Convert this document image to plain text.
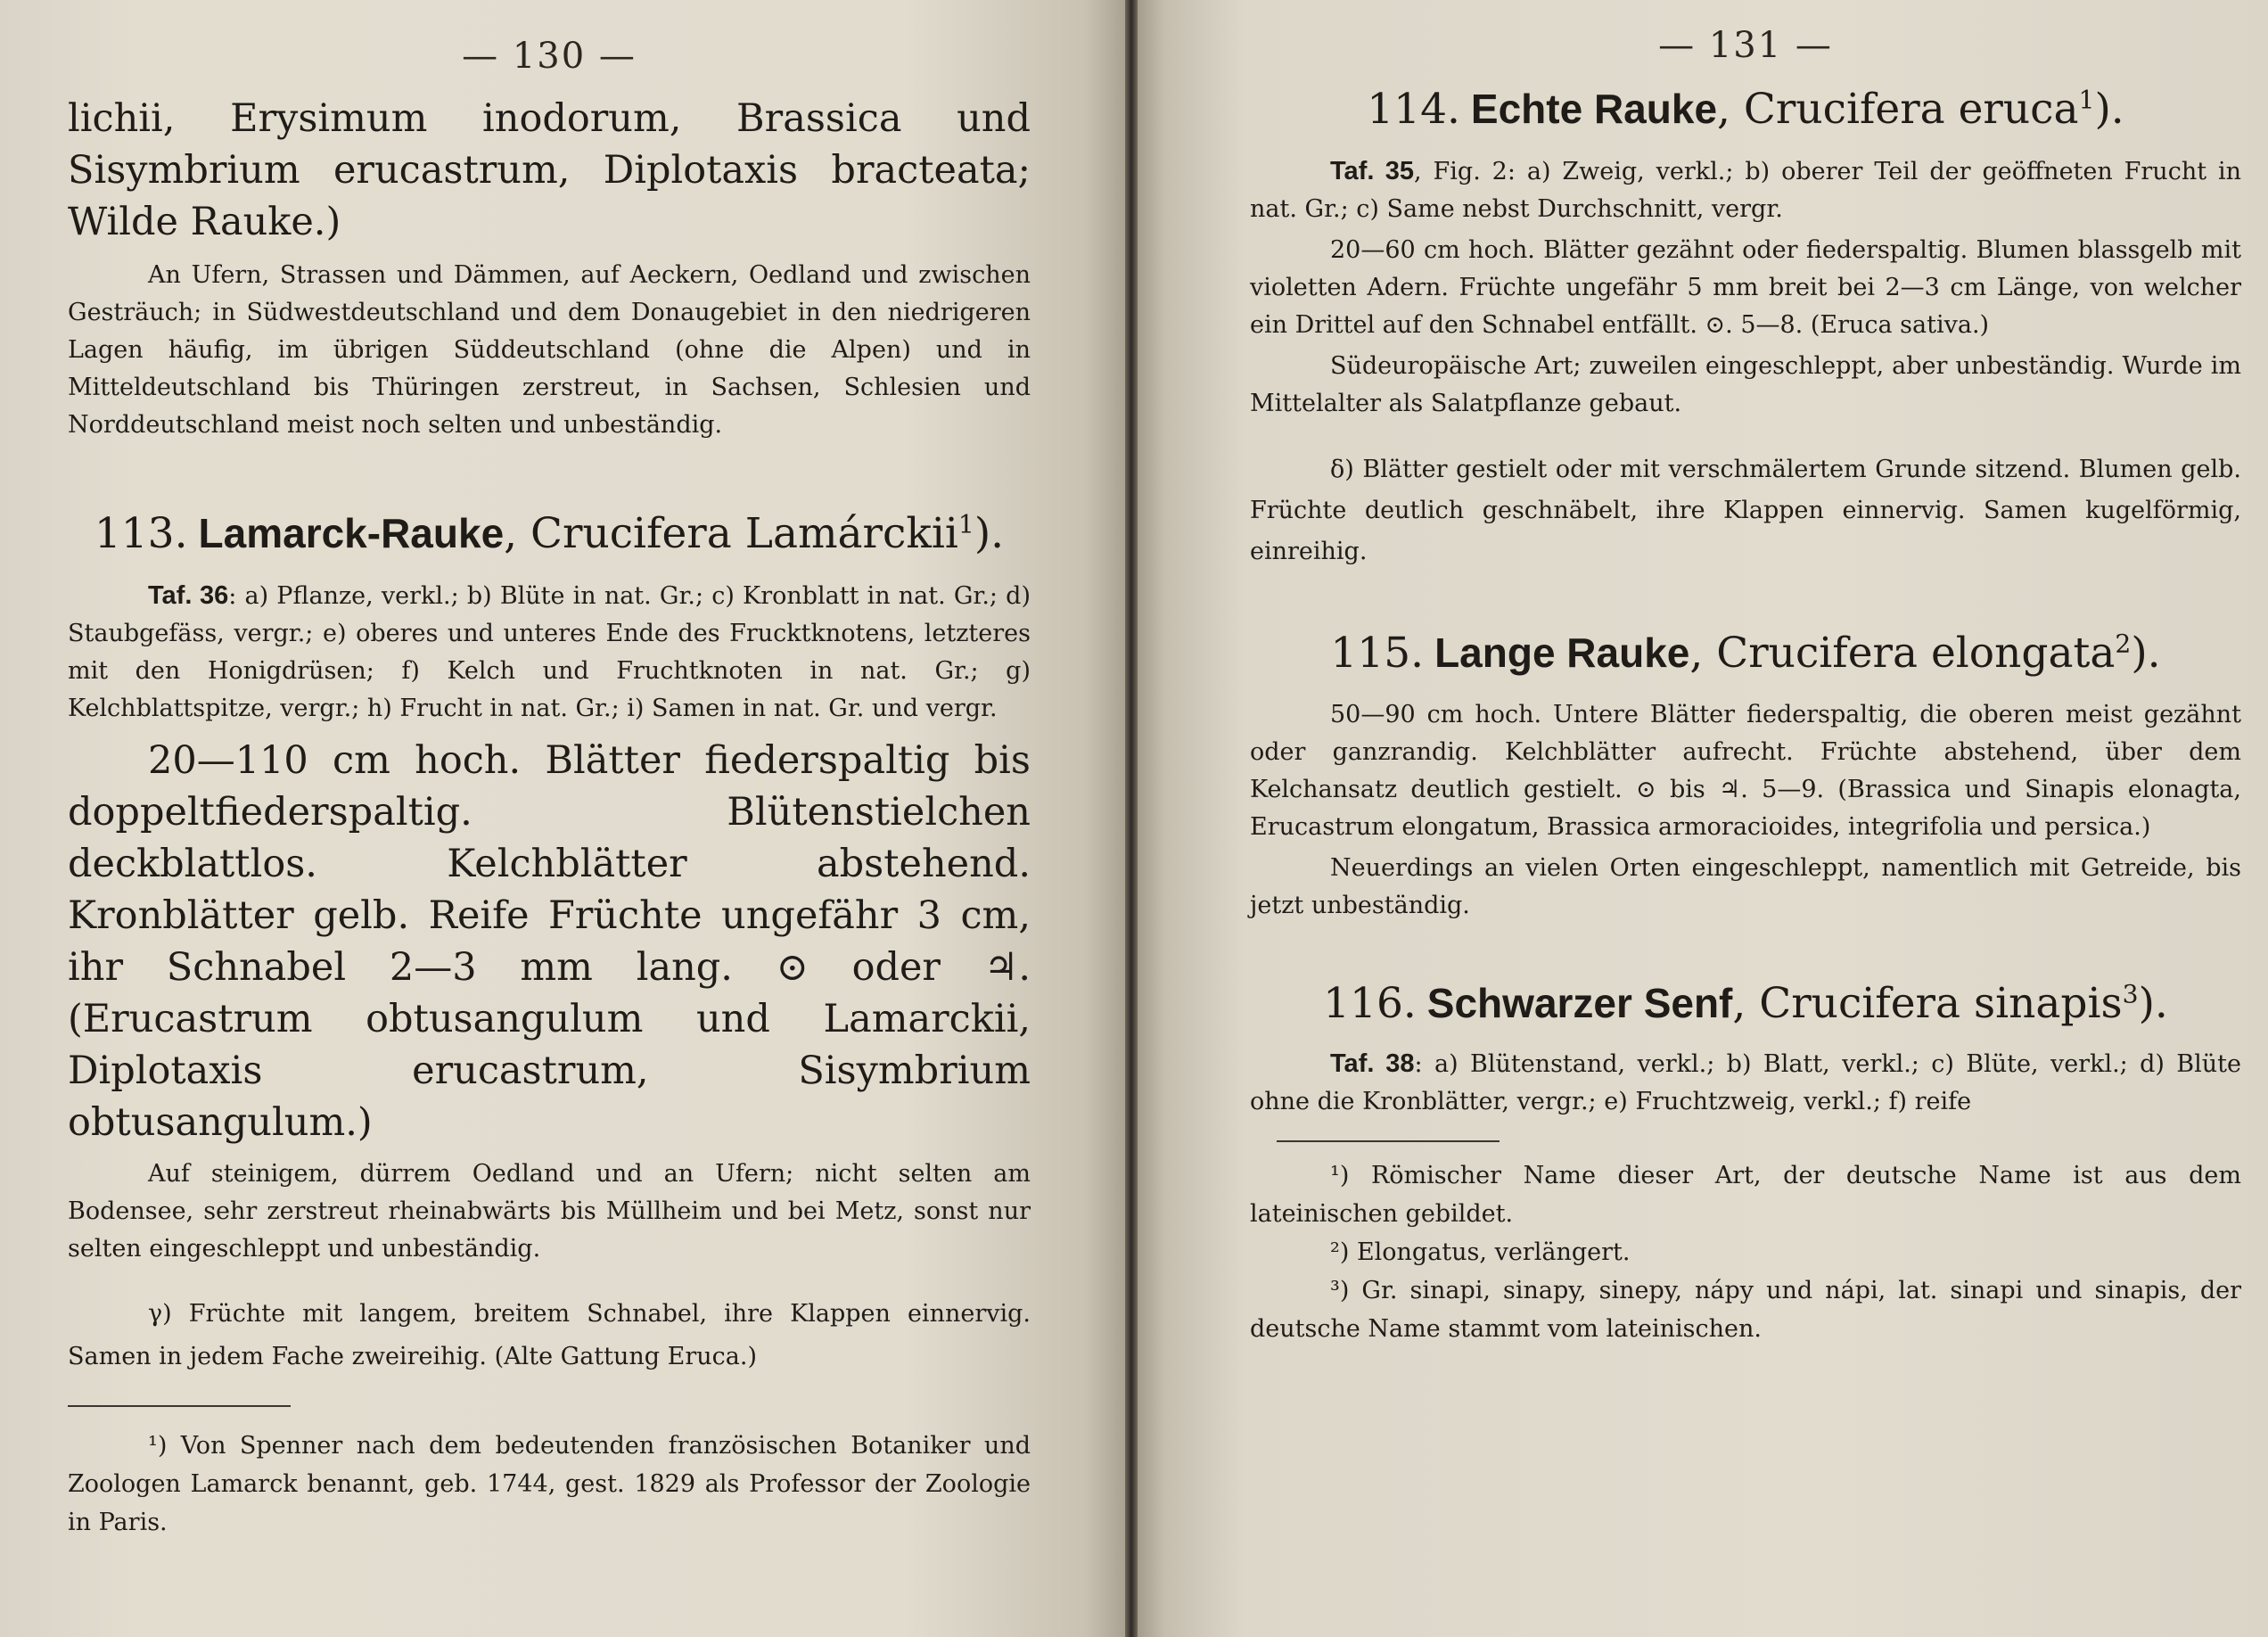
— 130 —

lichii, Erysimum inodorum, Brassica und Sisymbrium erucastrum, Diplotaxis bracteata; Wilde Rauke.)

An Ufern, Strassen und Dämmen, auf Aeckern, Oedland und zwischen Gesträuch; in Südwestdeutschland und dem Donaugebiet in den niedrigeren Lagen häufig, im übrigen Süddeutschland (ohne die Alpen) und in Mitteldeutschland bis Thüringen zerstreut, in Sachsen, Schlesien und Norddeutschland meist noch selten und unbeständig.

113. Lamarck-Rauke, Crucifera Lamárckii$^1$).

Taf. 36: a) Pflanze, verkl.; b) Blüte in nat. Gr.; c) Kronblatt in nat. Gr.; d) Staubgefäss, vergr.; e) oberes und unteres Ende des Frucktknotens, letzteres mit den Honigdrüsen; f) Kelch und Fruchtknoten in nat. Gr.; g) Kelchblattspitze, vergr.; h) Frucht in nat. Gr.; i) Samen in nat. Gr. und vergr.

20—110 cm hoch. Blätter fiederspaltig bis doppeltfiederspaltig. Blütenstielchen deckblattlos. Kelchblätter abstehend. Kronblätter gelb. Reife Früchte ungefähr 3 cm, ihr Schnabel 2—3 mm lang. ⊙ oder ♃. (Erucastrum obtusangulum und Lamarckii, Diplotaxis erucastrum, Sisymbrium obtusangulum.)

Auf steinigem, dürrem Oedland und an Ufern; nicht selten am Bodensee, sehr zerstreut rheinabwärts bis Müllheim und bei Metz, sonst nur selten eingeschleppt und unbeständig.

γ) Früchte mit langem, breitem Schnabel, ihre Klappen einnervig. Samen in jedem Fache zweireihig. (Alte Gattung Eruca.)

¹) Von Spenner nach dem bedeutenden französischen Botaniker und Zoologen Lamarck benannt, geb. 1744, gest. 1829 als Professor der Zoologie in Paris.

— 131 —

114. Echte Rauke, Crucifera eruca$^1$).

Taf. 35, Fig. 2: a) Zweig, verkl.; b) oberer Teil der geöffneten Frucht in nat. Gr.; c) Same nebst Durchschnitt, vergr.

20—60 cm hoch. Blätter gezähnt oder fiederspaltig. Blumen blassgelb mit violetten Adern. Früchte ungefähr 5 mm breit bei 2—3 cm Länge, von welcher ein Drittel auf den Schnabel entfällt. ⊙. 5—8. (Eruca sativa.)

Südeuropäische Art; zuweilen eingeschleppt, aber unbeständig. Wurde im Mittelalter als Salatpflanze gebaut.

δ) Blätter gestielt oder mit verschmälertem Grunde sitzend. Blumen gelb. Früchte deutlich geschnäbelt, ihre Klappen einnervig. Samen kugelförmig, einreihig.

115. Lange Rauke, Crucifera elongata$^2$).

50—90 cm hoch. Untere Blätter fiederspaltig, die oberen meist gezähnt oder ganzrandig. Kelchblätter aufrecht. Früchte abstehend, über dem Kelchansatz deutlich gestielt. ⊙ bis ♃. 5—9. (Brassica und Sinapis elonagta, Erucastrum elongatum, Brassica armoracioides, integrifolia und persica.)

Neuerdings an vielen Orten eingeschleppt, namentlich mit Getreide, bis jetzt unbeständig.

116. Schwarzer Senf, Crucifera sinapis$^3$).

Taf. 38: a) Blütenstand, verkl.; b) Blatt, verkl.; c) Blüte, verkl.; d) Blüte ohne die Kronblätter, vergr.; e) Fruchtzweig, verkl.; f) reife

¹) Römischer Name dieser Art, der deutsche Name ist aus dem lateinischen gebildet.

²) Elongatus, verlängert.

³) Gr. sinapi, sinapy, sinepy, nápy und nápi, lat. sinapi und sinapis, der deutsche Name stammt vom lateinischen.
